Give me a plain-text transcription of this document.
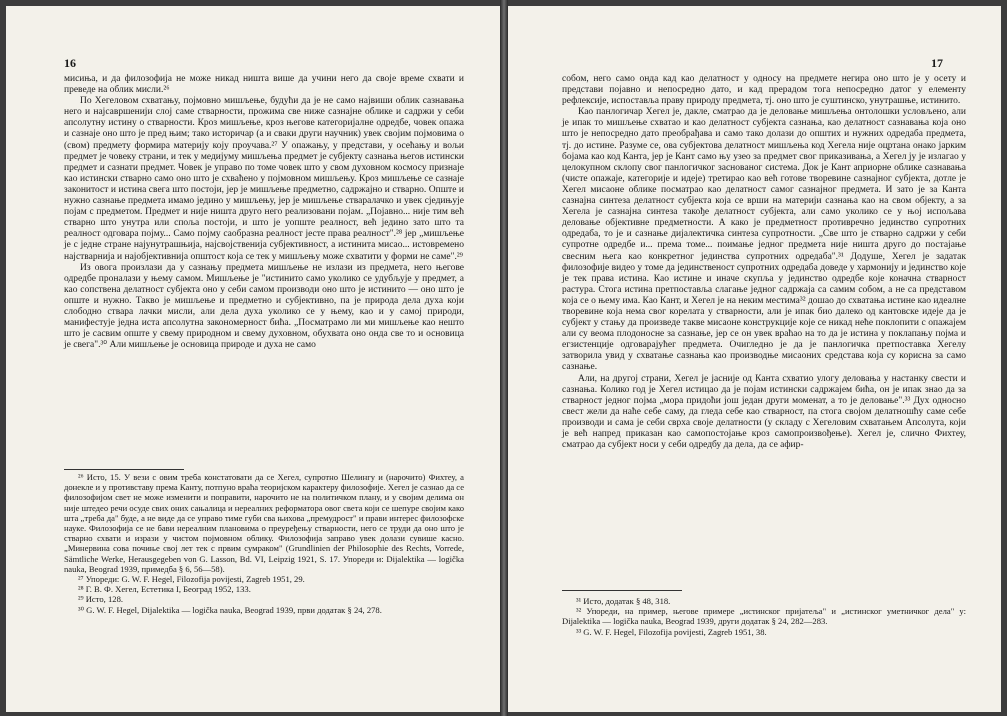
16

мисиња, и да филозофија не може никад ништа више да учини него да своје време схвати и преведе на облик мисли.²⁶

По Хегеловом схватању, појмовно мишљење, будући да је не само највиши облик сазнавања него и најсавршенији слој саме стварности, прожима све ниже сазнајне облике и садржи у себи апсолутну истину о стварности. Кроз мишљење, кроз његове категоријалне одредбе, човек опажа и сазнаје оно што је пред њим; тако историчар (а и сваки други научник) увек својим појмовима о (свом) предмету формира материју коју проучава.²⁷ У опажању, у представи, у осећању и вољи предмет је човеку страни, и тек у медијуму мишљења предмет је субјекту сазнања његов истински предмет и сазнати предмет. Човек је управо по томе човек што у свом духовном космосу признаје као истински стварно само оно што је схваћено у појмовном мишљењу. Кроз мишљење се сазнаје законитост и истина свега што постоји, јер је мишљење предметно, садржајно и стварно. Опште и нужно сазнање предмета имамо једино у мишљењу, јер је мишљење стваралачко и увек сједињује појам с предметом. Предмет и није ништа друго него реализовани појам. „Појавно... није тим већ стварно што унутра или споља постоји, и што је уопште реалност, већ једино зато што та реалност одговара појму... Само појму саобразна реалност јесте права реалност".²⁸ јер „мишљење је с једне стране најунутрашњија, најсвојственија субјективност, а истинита мисао... истовремено најстварнија и најобјективнија општост која се тек у мишљењу може схватити у форми не саме".²⁹

Из овога произлази да у сазнању предмета мишљење не излази из предмета, него његове одредбе проналази у њему самом. Мишљење је "истинито само уколико се удубљује у предмет, а као сопствена делатност субјекта оно у себи самом производи оно што је истинито — оно што је опште и нужно. Такво је мишљење и предметно и субјективно, па је природа дела духа који слободно ствара лачки мисли, али дела духа уколико се у њему, као и у самој природи, манифестује једна иста апсолутна закономерност бића. „Посматрамо ли ми мишљење као нешто што је сасвим опште у свему природном и свему духовном, обухвата оно онда све то и основица је свега".³⁰ Али мишљење је основица природе и духа не само

²⁶ Исто, 15. У вези с овим треба констатовати да се Хегел, супротно Шелингу и (нарочито) Фихтеу, а донекле и у противставу према Канту, потпуно враћа теоријском карактеру филозофије. Хегел је сазнао да се филозофијом свет не може изменити и поправити, нарочито не на политичком плану, и у својим делима он није штедео речи осуде свих оних сањалица и нереалних реформатора овог света који се шепуре својим како шта „треба да" буде, а не виде да се управо тиме губи сва њихова „премудрост" и прави интерес филозофске науке. Филозофија се не бави нереалним плановима о преуређењу стварности, него се труди да оно што је стварно схвати и изрази у чистом појмовном облику. Филозофија заправо увек долази сувише касно. „Минервина сова почиње свој лет тек с првим сумраком" (Grundlinien der Philosophie des Rechts, Vorrede, Sämtliche Werke, Herausgegeben von G. Lasson, Bd. VI, Leipzig 1921, S. 17. Упореди и: Dijalektika — logička nauka, Beograd 1939, примедба § 6, 56—58).

²⁷ Упореди: G. W. F. Hegel, Filozofija povijesti, Zagreb 1951, 29.

²⁸ Г. В. Ф. Хегел, Естетика I, Београд 1952, 133.

²⁹ Исто, 128.

³⁰ G. W. F. Hegel, Dijalektika — logička nauka, Beograd 1939, први додатак § 24, 278.

17

собом, него само онда кад као делатност у односу на предмете негира оно што је у осету и представи појавно и непосредно дато, и кад прерадом тога непосредно датог у елементу рефлексије, испоставља праву природу предмета, тј. оно што је суштинско, унутрашње, истинито.

Као панлогичар Хегел је, дакле, сматрао да је деловање мишљења онтолошки условљено, али је ипак то мишљење схватао и као делатност субјекта сазнања, као делатност сазнавања која оно што је непосредно дато преобрађава и само тако долази до општих и нужних одредаба предмета, тј. до истине. Разуме се, ова субјектова делатност мишљења код Хегела није оцртана онако јарким бојама као код Канта, јер је Кант само њу узео за предмет свог приказивања, а Хегел ју је излагао у целокупном склопу свог панлогичког засновaног система. Док је Кант априорне облике сазнавања (чисте опажаје, категорије и идеје) третирао као већ готове творевине сазнајног субјекта, дотле је Хегел мисаоне облике посматрао као делатност самог сазнајног предмета. И зато је за Канта сазнајна синтеза делатност субјекта која се врши на материји сазнања као на свом објекту, а за Хегела је сазнајна синтеза такође делатност субјекта, али само уколико се у њој испољава деловање објективне предметности. А како је предметност противречно јединство супротних одредаба, то је и сазнање дијалектичка синтеза супротности. „Све што је стварно садржи у себи супротне одредбе и... према томе... поимање једног предмета није ништа друго до постајање свесним њега као конкретног јединства супротних одредаба".³¹ Додуше, Хегел је задатак филозофије видео у томе да јединственост супротних одредаба доведе у хармонију и јединство које је тек права истина. Као истине и иначе скупља у јединство одредбе које коначна стварност растура. Стога истина претпоставља слагање једног садржаја са самим собом, а не са представом која се о њему има. Као Кант, и Хегел је на неким местима³² дошао до схватања истине као идеалне творевине која нема свог корелата у стварности, али је ипак био далеко од кантовске идеје да је субјект у стању да произведе такве мисаоне конструкције које се никад неће поклопити с опажајем али су веома плодоносне за сазнање, јер се он увек враћао на то да је истина у поклапању појма и егзистенције одговарајућег предмета. Очигледно је да је панлогичка претпоставка Хегелу затворила увид у схватање сазнања као производње мисаоних средстава која су корисна за само сазнање.

Али, на другој страни, Хегел је јасније од Канта схватио улогу деловања у настанку свести и сазнања. Колико год је Хегел истицао да је појам истински садржајем бића, он је ипак знао да за стварност једног појма „мора придоћи још један други моменат, а то је деловање".³³ Дух односно свест жели да наће себе саму, да гледа себе као стварност, па стога својом делатношћу саме себе производи и сама је себи сврха своје делатности (у складу с Хегеловим схватањем Апсолута, који је већ напред приказан као самопостојање кроз самопроизвођење). Хегел је, слично Фихтеу, сматрао да субјект носи у себи одредбу да дела, да се афир-

³¹ Исто, додатак § 48, 318.

³² Упореди, на пример, његове примере „истинског пријатеља" и „истинског уметничког дела" у: Dijalektika — logička nauka, Beograd 1939, други додатак § 24, 282—283.

³³ G. W. F. Hegel, Filozofija povijesti, Zagreb 1951, 38.
